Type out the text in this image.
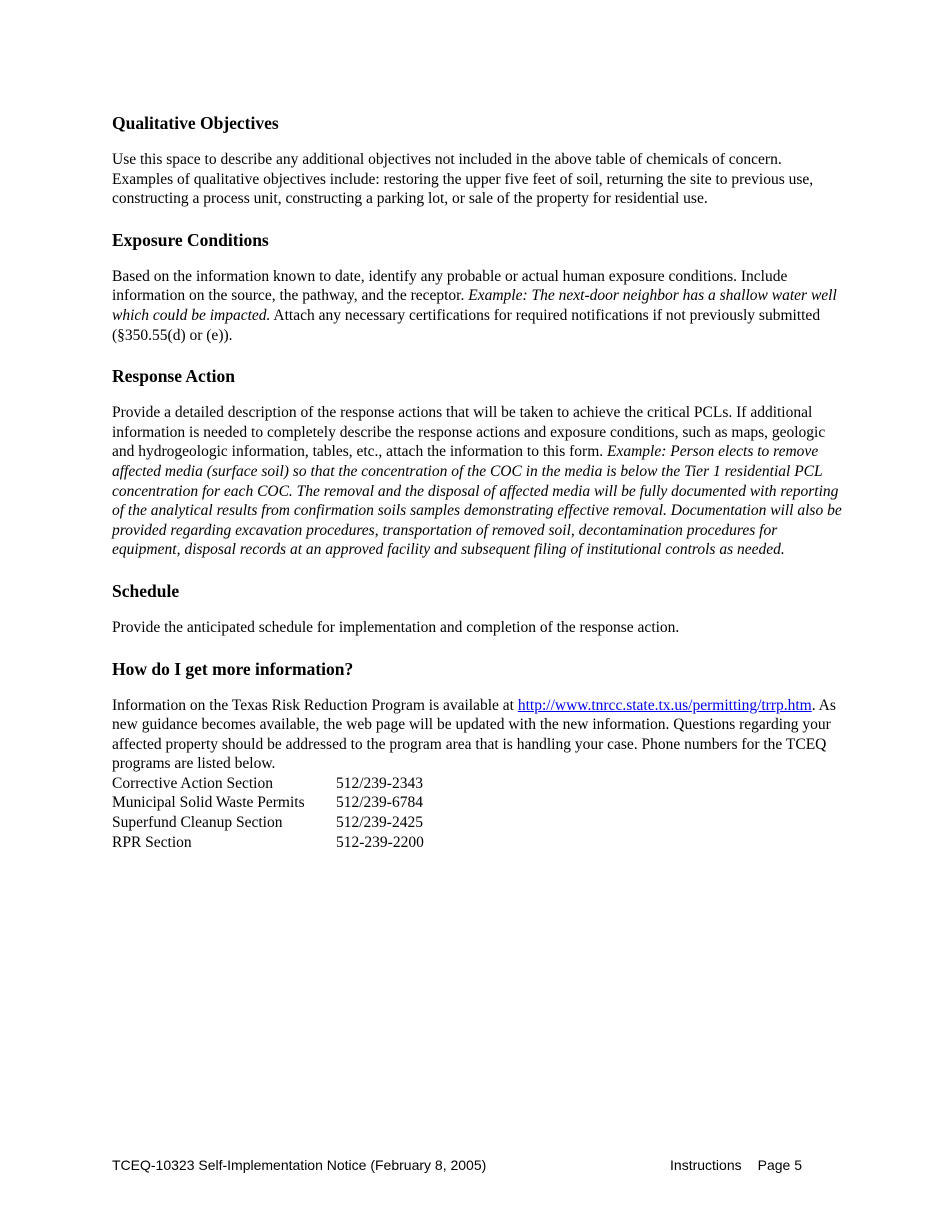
Qualitative Objectives

Use this space to describe any additional objectives not included in the above table of chemicals of concern. Examples of qualitative objectives include: restoring the upper five feet of soil, returning the site to previous use, constructing a process unit, constructing a parking lot, or sale of the property for residential use.

Exposure Conditions

Based on the information known to date, identify any probable or actual human exposure conditions. Include information on the source, the pathway, and the receptor. Example: The next-door neighbor has a shallow water well which could be impacted. Attach any necessary certifications for required notifications if not previously submitted (§350.55(d) or (e)).

Response Action

Provide a detailed description of the response actions that will be taken to achieve the critical PCLs. If additional information is needed to completely describe the response actions and exposure conditions, such as maps, geologic and hydrogeologic information, tables, etc., attach the information to this form. Example: Person elects to remove affected media (surface soil) so that the concentration of the COC in the media is below the Tier 1 residential PCL concentration for each COC. The removal and the disposal of affected media will be fully documented with reporting of the analytical results from confirmation soils samples demonstrating effective removal. Documentation will also be provided regarding excavation procedures, transportation of removed soil, decontamination procedures for equipment, disposal records at an approved facility and subsequent filing of institutional controls as needed.

Schedule

Provide the anticipated schedule for implementation and completion of the response action.

How do I get more information?

Information on the Texas Risk Reduction Program is available at http://www.tnrcc.state.tx.us/permitting/trrp.htm. As new guidance becomes available, the web page will be updated with the new information. Questions regarding your affected property should be addressed to the program area that is handling your case. Phone numbers for the TCEQ programs are listed below.

Corrective Action Section	512/239-2343
Municipal Solid Waste Permits	512/239-6784
Superfund Cleanup Section	512/239-2425
RPR Section	512-239-2200
TCEQ-10323 Self-Implementation Notice (February 8, 2005)	Instructions Page 5
